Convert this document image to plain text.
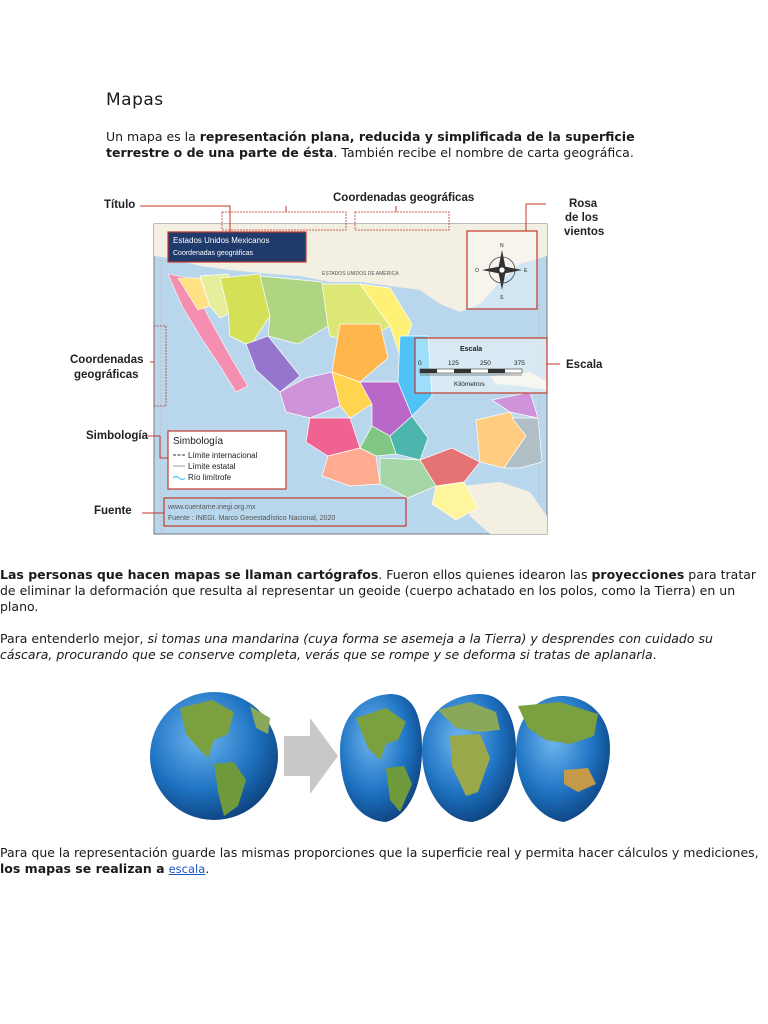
Mapas

Un mapa es la representación plana, reducida y simplificada de la superficie terrestre o de una parte de ésta. También recibe el nombre de carta geográfica.

ESTADOS UNIDOS DE AMÉRICA
Estados Unidos Mexicanos
Coordenadas geográficas
N
S
E
O
Escala
0	125	250	375
Kilómetros
Simbología
Límite internacional
Límite estatal
Río limítrofe
www.cuentame.inegi.org.mx
Fuente : INEGI. Marco Geoestadístico Nacional, 2020
Título
Coordenadas geográficas	Rosa
de los
vientos
Coordenadas
geográficas
Escala
Simbología
Fuente

Las personas que hacen mapas se llaman cartógrafos. Fueron ellos quienes idearon las proyecciones para tratar de eliminar la deformación que resulta al representar un geoide (cuerpo achatado en los polos, como la Tierra) en un plano.

Para entenderlo mejor, si tomas una mandarina (cuya forma se asemeja a la Tierra) y desprendes con cuidado su cáscara, procurando que se conserve completa, verás que se rompe y se deforma si tratas de aplanarla.

Para que la representación guarde las mismas proporciones que la superficie real y permita hacer cálculos y mediciones, los mapas se realizan a escala.
